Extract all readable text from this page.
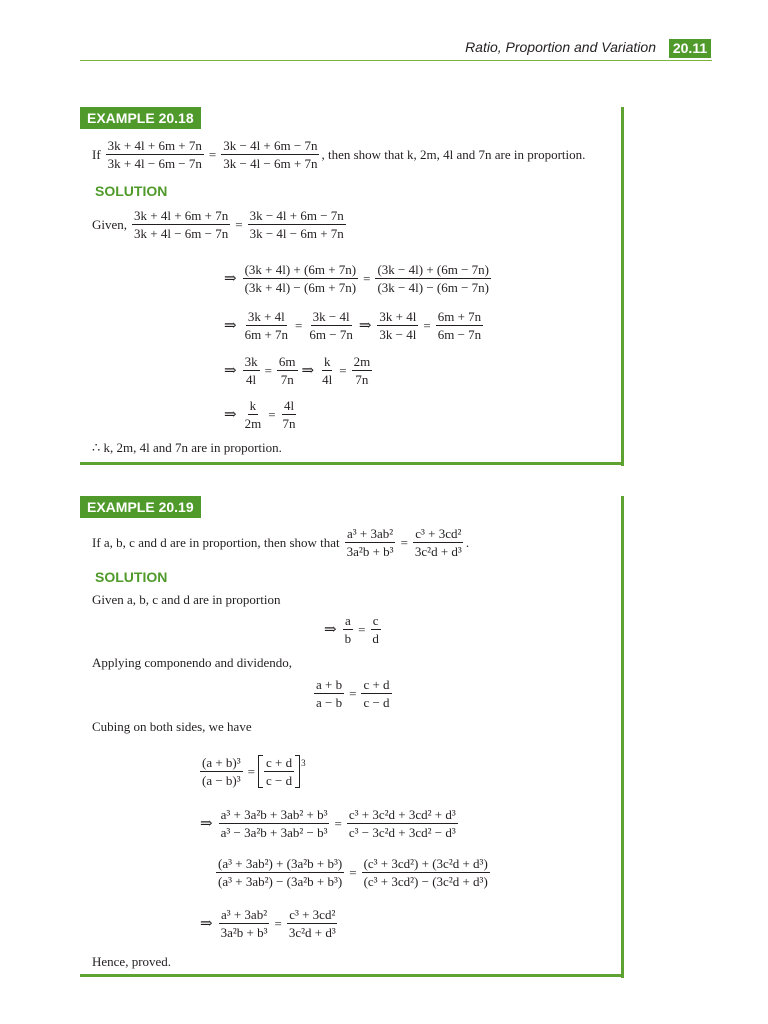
Ratio, Proportion and Variation 20.11
EXAMPLE 20.18
If $\frac{3k + 4l + 6m + 7n}{3k + 4l - 6m - 7n} = \frac{3k - 4l + 6m - 7n}{3k - 4l - 6m + 7n}$ , then show that k, 2m, 4l and 7n are in proportion.
SOLUTION
Given, $\frac{3k + 4l + 6m + 7n}{3k + 4l - 6m - 7n} = \frac{3k - 4l + 6m - 7n}{3k - 4l - 6m + 7n}$
⇒ $\frac{(3k + 4l) + (6m + 7n)}{(3k + 4l) - (6m + 7n)} = \frac{(3k - 4l) + (6m - 7n)}{(3k - 4l) - (6m - 7n)}$
⇒ $\frac{3k + 4l}{6m + 7n} = \frac{3k - 4l}{6m - 7n}$ ⇒ $\frac{3k + 4l}{3k - 4l} = \frac{6m + 7n}{6m - 7n}$
⇒ $\frac{3k}{4l} = \frac{6m}{7n}$ ⇒ $\frac{k}{4l} = \frac{2m}{7n}$
⇒ $\frac{k}{2m} = \frac{4l}{7n}$
∴ k, 2m, 4l and 7n are in proportion.
EXAMPLE 20.19
If a, b, c and d are in proportion, then show that $\frac{\text{a³ + 3ab²}}{\text{3a²b + b³}} = \frac{\text{c³ + 3cd²}}{\text{3c²d + d³}}$ .
SOLUTION
Given a, b, c and d are in proportion
⇒ $\frac{a}{b} = \frac{c}{d}$
Applying componendo and dividendo,
$\frac{a + b}{a - b} = \frac{c + d}{c - d}$
Cubing on both sides, we have
$\frac{\text{(a + b)³}}{\text{(a − b)³}} = \frac{c + d}{c - d} 3$
⇒ $\frac{\text{a³ + 3a²b + 3ab² + b³}}{\text{a³ − 3a²b + 3ab² − b³}} = \frac{\text{c³ + 3c²d + 3cd² + d³}}{\text{c³ − 3c²d + 3cd² − d³}}$
$\frac{\text{(a³ + 3ab²) + (3a²b + b³)}}{\text{(a³ + 3ab²) − (3a²b + b³)}} = \frac{\text{(c³ + 3cd²) + (3c²d + d³)}}{\text{(c³ + 3cd²) − (3c²d + d³)}}$
⇒ $\frac{\text{a³ + 3ab²}}{\text{3a²b + b³}} = \frac{\text{c³ + 3cd²}}{\text{3c²d + d³}}$
Hence, proved.
